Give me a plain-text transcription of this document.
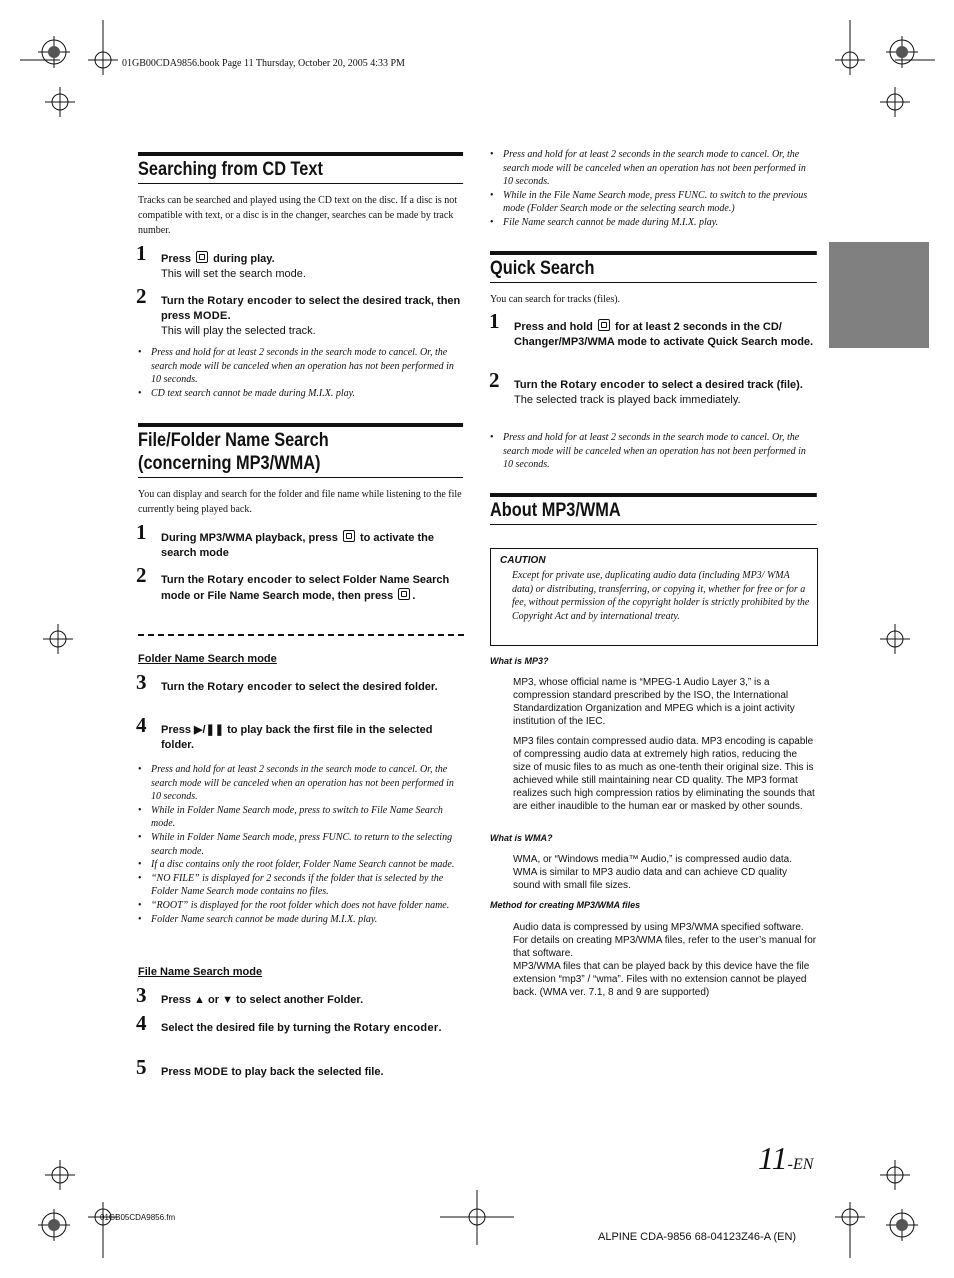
01GB00CDA9856.book Page 11 Thursday, October 20, 2005 4:33 PM
Searching from CD Text
Tracks can be searched and played using the CD text on the disc. If a disc is not compatible with text, or a disc is in the changer, searches can be made by track number.
1 Press during play.
This will set the search mode.
2 Turn the Rotary encoder to select the desired track, then press MODE.
This will play the selected track.
• Press and hold for at least 2 seconds in the search mode to cancel. Or, the search mode will be canceled when an operation has not been performed in 10 seconds.
• CD text search cannot be made during M.I.X. play.
File/Folder Name Search
(concerning MP3/WMA)
You can display and search for the folder and file name while listening to the file currently being played back.
1 During MP3/WMA playback, press to activate the search mode
2 Turn the Rotary encoder to select Folder Name Search mode or File Name Search mode, then press .
Folder Name Search mode
3 Turn the Rotary encoder to select the desired folder.
4 Press ▶/❚❚ to play back the first file in the selected folder.
• Press and hold for at least 2 seconds in the search mode to cancel. Or, the search mode will be canceled when an operation has not been performed in 10 seconds.
• While in Folder Name Search mode, press to switch to File Name Search mode.
• While in Folder Name Search mode, press FUNC. to return to the selecting search mode.
• If a disc contains only the root folder, Folder Name Search cannot be made.
• “NO FILE” is displayed for 2 seconds if the folder that is selected by the Folder Name Search mode contains no files.
• “ROOT” is displayed for the root folder which does not have folder name.
• Folder Name search cannot be made during M.I.X. play.
File Name Search mode
3 Press ▲ or ▼ to select another Folder.
4 Select the desired file by turning the Rotary encoder.
5 Press MODE to play back the selected file.
• Press and hold for at least 2 seconds in the search mode to cancel. Or, the search mode will be canceled when an operation has not been performed in 10 seconds.
• While in the File Name Search mode, press FUNC. to switch to the previous mode (Folder Search mode or the selecting search mode.)
• File Name search cannot be made during M.I.X. play.
Quick Search
You can search for tracks (files).
1 Press and hold for at least 2 seconds in the CD/ Changer/MP3/WMA mode to activate Quick Search mode.
2 Turn the Rotary encoder to select a desired track (file).
The selected track is played back immediately.
• Press and hold for at least 2 seconds in the search mode to cancel. Or, the search mode will be canceled when an operation has not been performed in 10 seconds.
About MP3/WMA
CAUTION
Except for private use, duplicating audio data (including MP3/ WMA data) or distributing, transferring, or copying it, whether for free or for a fee, without permission of the copyright holder is strictly prohibited by the Copyright Act and by international treaty.
What is MP3?
MP3, whose official name is “MPEG-1 Audio Layer 3,” is a compression standard prescribed by the ISO, the International Standardization Organization and MPEG which is a joint activity institution of the IEC.
MP3 files contain compressed audio data. MP3 encoding is capable of compressing audio data at extremely high ratios, reducing the size of music files to as much as one-tenth their original size. This is achieved while still maintaining near CD quality. The MP3 format realizes such high compression ratios by eliminating the sounds that are either inaudible to the human ear or masked by other sounds.
What is WMA?
WMA, or “Windows media™ Audio,” is compressed audio data. WMA is similar to MP3 audio data and can achieve CD quality sound with small file sizes.
Method for creating MP3/WMA files
Audio data is compressed by using MP3/WMA specified software. For details on creating MP3/WMA files, refer to the user’s manual for that software.
MP3/WMA files that can be played back by this device have the file extension “mp3” / “wma”. Files with no extension cannot be played back. (WMA ver. 7.1, 8 and 9 are supported)
11-EN
01GB05CDA9856.fm
ALPINE CDA-9856 68-04123Z46-A (EN)
